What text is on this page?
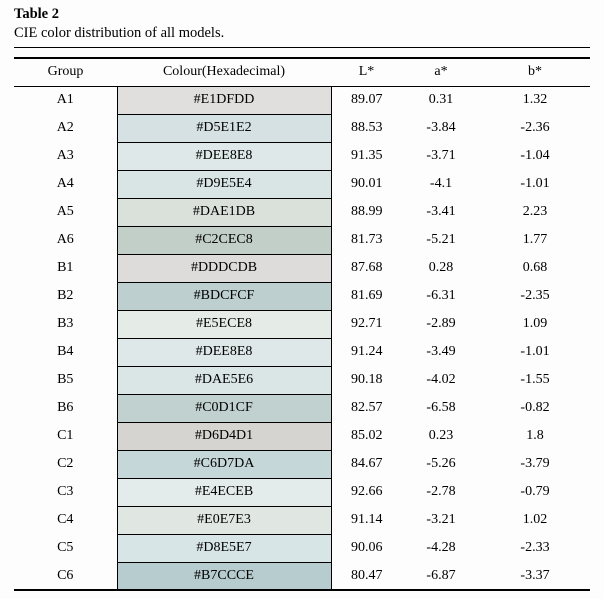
Table 2
CIE color distribution of all models.
Group	Colour(Hexadecimal)	L*	a*	b*
A1	#E1DFDD	89.07	0.31	1.32
A2	#D5E1E2	88.53	-3.84	-2.36
A3	#DEE8E8	91.35	-3.71	-1.04
A4	#D9E5E4	90.01	-4.1	-1.01
A5	#DAE1DB	88.99	-3.41	2.23
A6	#C2CEC8	81.73	-5.21	1.77
B1	#DDDCDB	87.68	0.28	0.68
B2	#BDCFCF	81.69	-6.31	-2.35
B3	#E5ECE8	92.71	-2.89	1.09
B4	#DEE8E8	91.24	-3.49	-1.01
B5	#DAE5E6	90.18	-4.02	-1.55
B6	#C0D1CF	82.57	-6.58	-0.82
C1	#D6D4D1	85.02	0.23	1.8
C2	#C6D7DA	84.67	-5.26	-3.79
C3	#E4ECEB	92.66	-2.78	-0.79
C4	#E0E7E3	91.14	-3.21	1.02
C5	#D8E5E7	90.06	-4.28	-2.33
C6	#B7CCCE	80.47	-6.87	-3.37
